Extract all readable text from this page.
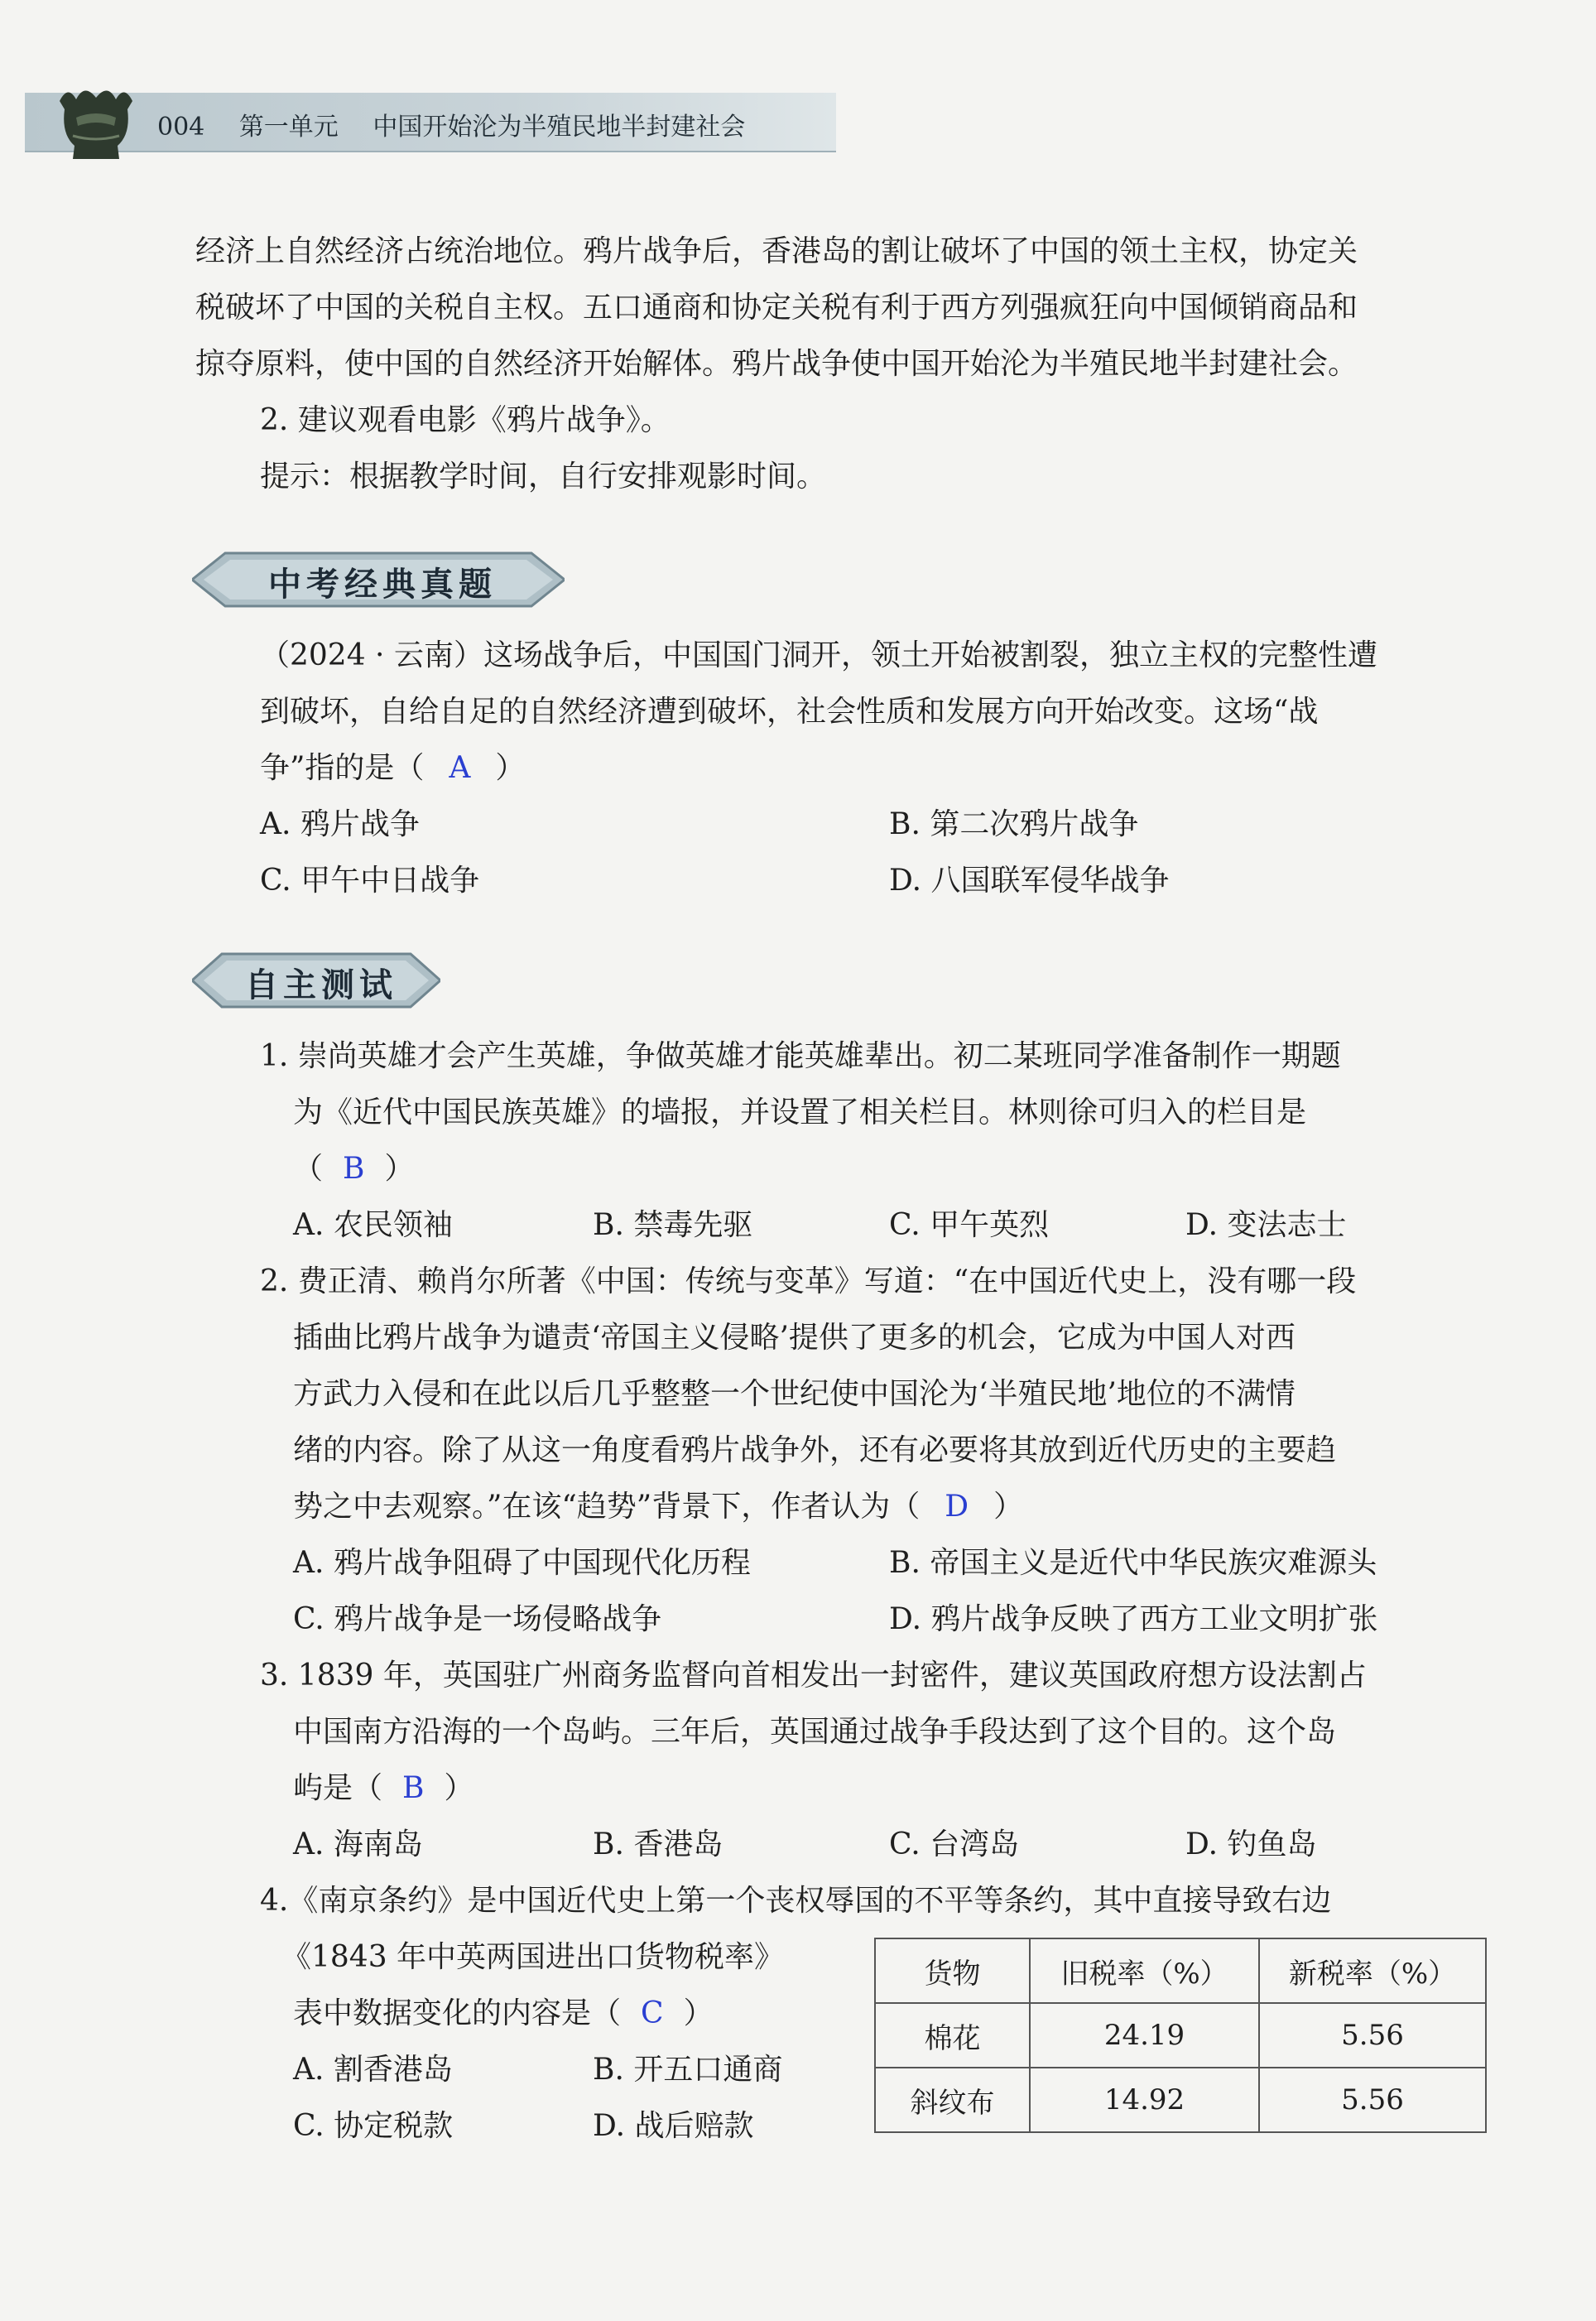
004 第一单元 中国开始沦为半殖民地半封建社会
经济上自然经济占统治地位。鸦片战争后，香港岛的割让破坏了中国的领土主权，协定关
税破坏了中国的关税自主权。五口通商和协定关税有利于西方列强疯狂向中国倾销商品和
掠夺原料，使中国的自然经济开始解体。鸦片战争使中国开始沦为半殖民地半封建社会。
2. 建议观看电影《鸦片战争》。
提示：根据教学时间，自行安排观影时间。
中考经典真题
（2024 · 云南）这场战争后，中国国门洞开，领土开始被割裂，独立主权的完整性遭
到破坏，自给自足的自然经济遭到破坏，社会性质和发展方向开始改变。这场“战
争”指的是（ A ）
A. 鸦片战争	B. 第二次鸦片战争
C. 甲午中日战争	D. 八国联军侵华战争
自主测试
1. 崇尚英雄才会产生英雄，争做英雄才能英雄辈出。初二某班同学准备制作一期题
为《近代中国民族英雄》的墙报，并设置了相关栏目。林则徐可归入的栏目是
（ B ）
A. 农民领袖	B. 禁毒先驱	C. 甲午英烈	D. 变法志士
2. 费正清、赖肖尔所著《中国：传统与变革》写道：“在中国近代史上，没有哪一段
插曲比鸦片战争为谴责‘帝国主义侵略’提供了更多的机会，它成为中国人对西
方武力入侵和在此以后几乎整整一个世纪使中国沦为‘半殖民地’地位的不满情
绪的内容。除了从这一角度看鸦片战争外，还有必要将其放到近代历史的主要趋
势之中去观察。”在该“趋势”背景下，作者认为（ D ）
A. 鸦片战争阻碍了中国现代化历程	B. 帝国主义是近代中华民族灾难源头
C. 鸦片战争是一场侵略战争	D. 鸦片战争反映了西方工业文明扩张
3. 1839 年，英国驻广州商务监督向首相发出一封密件，建议英国政府想方设法割占
中国南方沿海的一个岛屿。三年后，英国通过战争手段达到了这个目的。这个岛
屿是（ B ）
A. 海南岛	B. 香港岛	C. 台湾岛	D. 钓鱼岛
4.《南京条约》是中国近代史上第一个丧权辱国的不平等条约，其中直接导致右边
《1843 年中英两国进出口货物税率》
表中数据变化的内容是（ C ）
A. 割香港岛	B. 开五口通商
C. 协定税款	D. 战后赔款
货物	旧税率（%）	新税率（%）
棉花	24.19	5.56
斜纹布	14.92	5.56
